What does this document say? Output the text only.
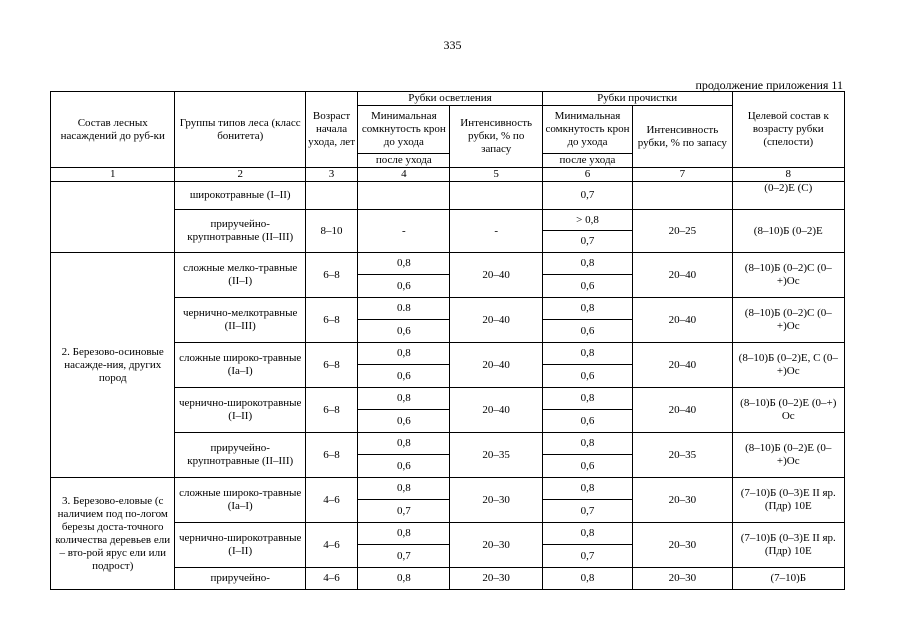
335
продолжение приложения 11
Состав лесных насаждений до руб-ки	Группы типов леса (класс бонитета)	Возраст начала ухода, лет	Рубки осветления		Рубки прочистки		Целевой состав к возрасту рубки (спелости)
			Минимальная сомкнутость крон до ухода	Интенсивность рубки, % по запасу	Минимальная сомкнутость крон до ухода	Интенсивность рубки, % по запасу	
			после ухода		после ухода		
1	2	3	4	5	6	7	8
	широкотравные (I–II)				0,7		(0–2)Е (С)
	приручейно-крупнотравные (II–III)	8–10	-	-	> 0,8	20–25	(8–10)Б (0–2)Е
					0,7		
2. Березово-осиновые насажде-ния, других пород	сложные мелко-травные (II–I)	6–8	0,8	20–40	0,8	20–40	(8–10)Б (0–2)С (0–+)Ос
			0,6		0,6		
	чернично-мелкотравные (II–III)	6–8	0.8	20–40	0,8	20–40	(8–10)Б (0–2)С (0–+)Ос
			0,6		0,6		
	сложные широко-травные (Iа–I)	6–8	0,8	20–40	0,8	20–40	(8–10)Б (0–2)Е, С (0–+)Ос
			0,6		0,6		
	чернично-широкотравные (I–II)	6–8	0,8	20–40	0,8	20–40	(8–10)Б (0–2)Е (0–+) Ос
			0,6		0,6		
	приручейно-крупнотравные (II–III)	6–8	0,8	20–35	0,8	20–35	(8–10)Б (0–2)Е (0–+)Ос
			0,6		0,6		
3. Березово-еловые (с наличием под по-логом березы доста-точного количества деревьев ели – вто-рой ярус ели или подрост)	сложные широко-травные (Iа–I)	4–6	0,8	20–30	0,8	20–30	(7–10)Б (0–3)Е II яр. (Пдр) 10Е
			0,7		0,7		
	чернично-широкотравные (I–II)	4–6	0,8	20–30	0,8	20–30	(7–10)Б (0–3)Е II яр. (Пдр) 10Е
			0,7		0,7		
	приручейно-	4–6	0,8	20–30	0,8	20–30	(7–10)Б
